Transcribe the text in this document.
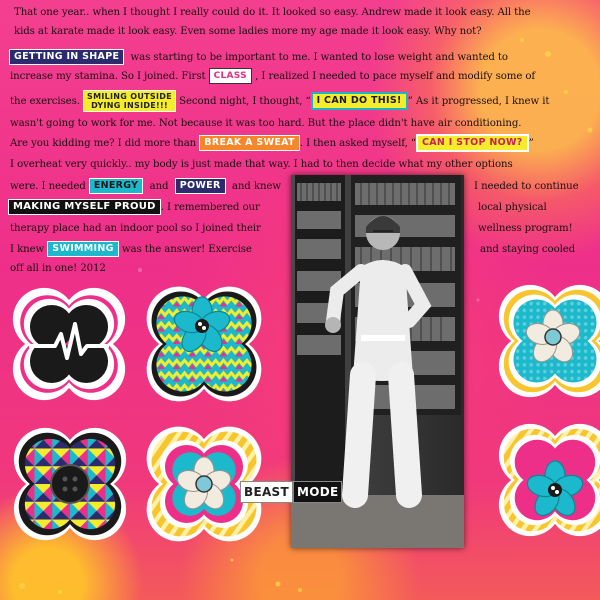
That one year.. when I thought I really could do it. It looked so easy. Andrew made it look easy. All the
kids at karate made it look easy. Even some ladies more my age made it look easy. Why not?
GETTING IN SHAPE was starting to be important to me. I wanted to lose weight and wanted to
increase my stamina. So I joined. First CLASS , I realized I needed to pace myself and modify some of
the exercises. SMILING OUTSIDE
DYING INSIDE!!! Second night, I thought, “ I CAN DO THIS! ” As it progressed, I knew it
wasn't going to work for me. Not because it was too hard. But the place didn't have air conditioning.
Are you kidding me? I did more than BREAK A SWEAT . I then asked myself, “ CAN I STOP NOW? ”
I overheat very quickly.. my body is just made that way. I had to then decide what my other options
were. I needed ENERGY and POWER and knew	I needed to continue
MAKING MYSELF PROUD . I remembered our	local physical
therapy place had an indoor pool so I joined their	wellness program!
I knew SWIMMING was the answer! Exercise	and staying cooled
off all in one! 2012
BEAST MODE
